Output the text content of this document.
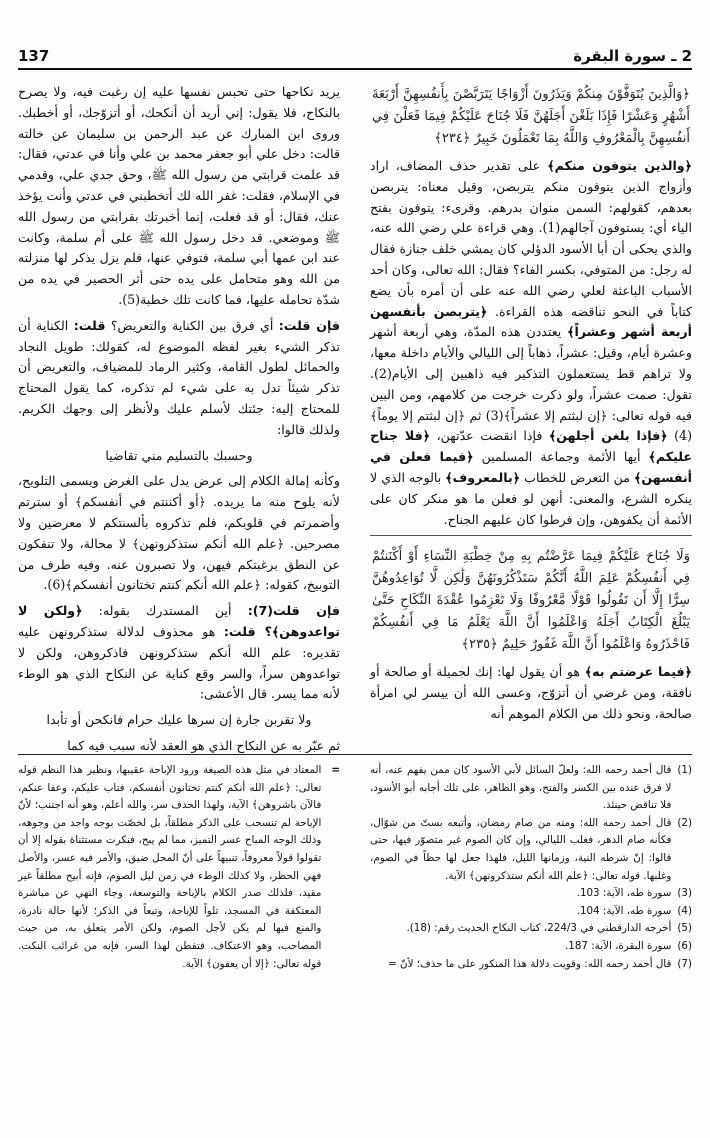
137	2 ـ سورة البقرة
﴿وَالَّذِينَ يُتَوَفَّوْنَ مِنكُمْ وَيَذَرُونَ أَزْوَاجًا يَتَرَبَّصْنَ بِأَنفُسِهِنَّ أَرْبَعَةَ أَشْهُرٍ وَعَشْرًا فَإِذَا بَلَغْنَ أَجَلَهُنَّ فَلَا جُنَاحَ عَلَيْكُمْ فِيمَا فَعَلْنَ فِي أَنفُسِهِنَّ بِالْمَعْرُوفِ وَاللَّهُ بِمَا تَعْمَلُونَ خَبِيرٌ ﴿٢٣٤﴾

﴿والذين يتوفون منكم﴾ على تقدير حذف المضاف، اراد وأزواج الذين يتوفون منكم يتربصن، وقيل معناه: يتربصن بعدهم، كقولهم: السمن منوان بدرهم. وقرىء: يتوفون بفتح الياء أي: يستوفون آجالهم(1). وهي قراءة علي رضي الله عنه، والذي يحكى أن أبا الأسود الدؤلي كان يمشي خلف جنازة فقال له رجل: من المتوفي، بكسر الفاء؟ فقال: الله تعالى، وكان أحد الأسباب الباعثة لعلي رضي الله عنه على أن أمره بأن يضع كتاباً في النحو تناقضه هذه القراءة. ﴿يتربصن بأنفسهن أربعة أشهر وعشراً﴾ يعتددن هذه المدّة، وهي أربعة أشهر وعشرة أيام، وقيل: عشراً، ذهاباً إلى الليالي والأيام داخلة معها، ولا تراهم قط يستعملون التذكير فيه ذاهبين إلى الأيام(2). تقول: صمت عشراً، ولو ذكرت خرجت من كلامهم، ومن البين فيه قوله تعالى: ﴿إن لبثتم إلا عشراً﴾(3) ثم ﴿إن لبثتم إلا يوماً﴾(4) ﴿فإذا بلغن أجلهن﴾ فإذا انقضت عدّتهن، ﴿فلا جناح عليكم﴾ أيها الأئمة وجماعة المسلمين ﴿فيما فعلن في أنفسهن﴾ من التعرض للخطاب ﴿بالمعروف﴾ بالوجه الذي لا ينكره الشرع، والمعنى: أنهن لو فعلن ما هو منكر كان على الأئمة أن يكفوهن، وإن فرطوا كان عليهم الجناح.

وَلَا جُنَاحَ عَلَيْكُمْ فِيمَا عَرَّضْتُم بِهِ مِنْ خِطْبَةِ النِّسَاءِ أَوْ أَكْنَنتُمْ فِي أَنفُسِكُمْ عَلِمَ اللَّهُ أَنَّكُمْ سَتَذْكُرُونَهُنَّ وَلَٰكِن لَّا تُوَاعِدُوهُنَّ سِرًّا إِلَّا أَن تَقُولُوا قَوْلًا مَّعْرُوفًا وَلَا تَعْزِمُوا عُقْدَةَ النِّكَاحِ حَتَّىٰ يَبْلُغَ الْكِتَابُ أَجَلَهُ وَاعْلَمُوا أَنَّ اللَّهَ يَعْلَمُ مَا فِي أَنفُسِكُمْ فَاحْذَرُوهُ وَاعْلَمُوا أَنَّ اللَّهَ غَفُورٌ حَلِيمٌ ﴿٢٣٥﴾

﴿فيما عرضتم به﴾ هو أن يقول لها: إنك لجميلة أو صالحة أو نافقة، ومن غرضي أن أتزوّج، وعسى الله أن ييسر لي امرأة صالحة، ونحو ذلك من الكلام الموهم أنه

يريد نكاحها حتى تحبس نفسها عليه إن رغبت فيه، ولا يصرح بالنكاح، فلا يقول: إني أريد أن أنكحك، أو أتزوّجك، أو أخطبك. وروى ابن المبارك عن عبد الرحمن بن سليمان عن خالته قالت: دخل علي أبو جعفر محمد بن علي وأنا في عدتي، فقال: قد علمت قرابتي من رسول الله ﷺ، وحق جدي علي، وقدمي في الإسلام، فقلت: غفر الله لك أتخطبني في عدتي وأنت يؤخذ عنك، فقال: أو قد فعلت، إنما أخبرتك بقرابتي من رسول الله ﷺ وموضعي. قد دخل رسول الله ﷺ على أم سلمة، وكانت عند ابن عمها أبي سلمة، فتوفي عنها، فلم يزل يذكر لها منزلته من الله وهو متحامل على يده حتى أثر الحصير في يده من شدّة تحامله عليها، فما كانت تلك خطبة(5).

فإن قلت: أي فرق بين الكناية والتعريض؟ قلت: الكناية أن تذكر الشيء بغير لفظه الموضوع له، كقولك: طويل النجاد والحمائل لطول القامة، وكثير الرماد للمضياف، والتعريض أن تذكر شيئاً تدل به على شيء لم تذكره، كما يقول المحتاج للمحتاج إليه: جئتك لأسلم عليك ولأنظر إلى وجهك الكريم. ولذلك قالوا:

وحسبك بالتسليم مني تقاضيا

وكأنه إمالة الكلام إلى عرض يدل على الغرض ويسمى التلويح، لأنه يلوح منه ما يريده. ﴿أو أكننتم في أنفسكم﴾ أو سترتم وأضمرتم في قلوبكم، فلم تذكروه بألسنتكم لا معرضين ولا مصرحين. ﴿علم الله أنكم ستذكرونهن﴾ لا محالة، ولا تنفكون عن النطق برغبتكم فيهن، ولا تصبرون عنه. وفيه طرف من التوبيخ، كقوله: ﴿علم الله أنكم كنتم تختانون أنفسكم﴾(6).

فإن قلت(7): أين المستدرك بقوله: ﴿ولكن لا تواعدوهن﴾؟ قلت: هو محذوف لدلالة ستذكرونهن عليه تقديره: علم الله أنكم ستذكرونهن فاذكروهن، ولكن لا تواعدوهن سراً، والسر وقع كناية عن النكاح الذي هو الوطء لأنه مما يسر. قال الأعشى:

ولا تقربن جارة إن سرها عليك حرام فانكحن أو تأبدا

ثم عبّر به عن النكاح الذي هو العقد لأنه سبب فيه كما

(1)
قال أحمد رحمه الله: ولعلّ السائل لأبي الأسود كان ممن يفهم عنه، أنه لا فرق عنده بين الكسر والفتح، وهو الظاهر، على تلك أجابه أبو الأسود، فلا تناقض حينئذ.
(2)
قال أحمد رحمه الله: ومنه من صام رمضان، وأتبعه بستّ من شوّال، فكأنه صام الدهر، فغلب الليالي، وإن كان الصوم غير متصوّر فيها، حتى قالوا: إنّ شرطه النية، وزمانها الليل، فلهذا جعل لها حظاً في الصوم، وغلبها. قوله تعالى: ﴿علم الله أنكم ستذكرونهن﴾ الآية.
(3)
سورة طه، الآية: 103.
(4)
سورة طه، الآية: 104.
(5)
أخرجه الدارقطني في 224/3، كتاب النكاح الحديث رقم: (18).
(6)
سورة البقرة، الآية: 187.
(7)
قال أحمد رحمه الله: وقويت دلالة هذا المنكور على ما حذف؛ لأنّ =
=
المعتاد في مثل هذه الصيغة ورود الإباحة عقيبها، ونظير هذا النظم قوله تعالى: ﴿علم الله أنكم كنتم تختانون أنفسكم، فتاب عليكم، وعفا عنكم، فالآن باشروهن﴾ الآية، ولهذا الحذف سر، والله أعلم، وهو أنه اجتنب؛ لأنّ الإباحة لم تنسحب على الذكر مطلقاً، بل لخصّت بوجه واحد من وجوهه، وذلك الوجه المباح عسر التميز، مما لم يبح، فنكرت مستثناة بقوله إلا أن تقولوا قولاً معروفاً، تنبيهاً على أنّ المحل ضيق، والأمر فيه عسر، والأصل فهي الحظر، ولا كذلك الوطء في زمن ليل الصوم، فإنه أبيح مطلقاً غير مقيد، فلذلك صدر الكلام بالإباحة والتوسعة، وجاء النهي عن مباشرة المعتكفة في المسجد، تلواً للإباحة، وتبعاً في الذكر؛ لأنها حالة نادرة، والمنع فيها لم يكن لأجل الصوم، ولكن الأمر يتعلق به، من حيث المصاحب، وهو الاعتكاف. فتفطن لهذا السر، فإنه من غرائب النكت. قوله تعالى: ﴿إلا أن يعفون﴾ الآية.
